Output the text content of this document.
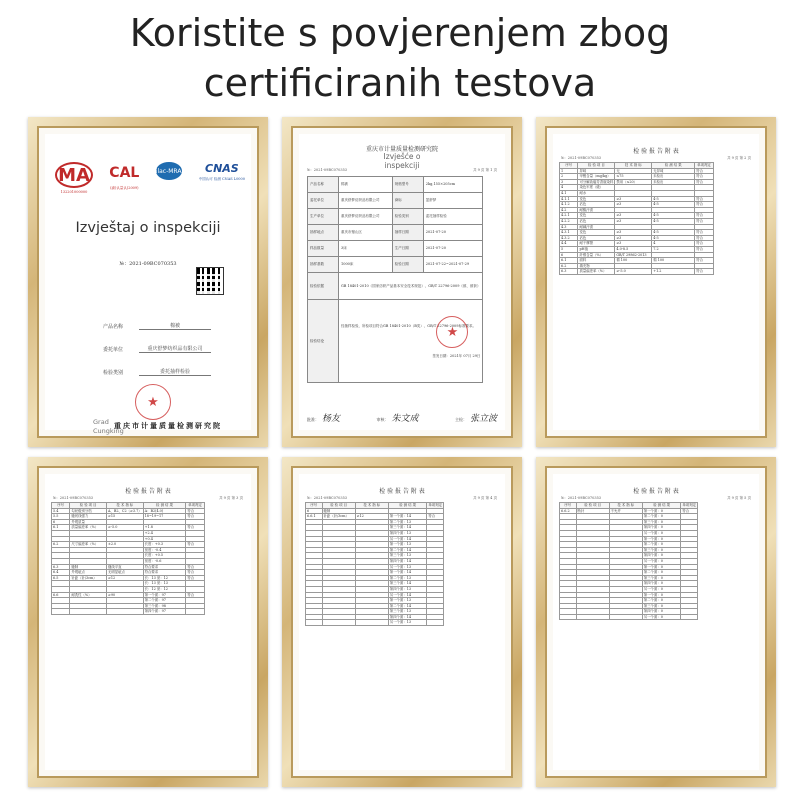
Koristite s povjerenjem zbog
certificiranih testova
MA
132201000000
CAL
(渝)认量认(2009)
ilac-MRA CNAS
中国认可 检测 CNAS L0000
Izvještaj o inspekciji
№：2021-09BC070353
产品名称	棉被
委托单位	重庆舒梦纺织品有限公司
检验类别	委托抽样检验
★
Grad
Cungking
重庆市计量质量检测研究院
重庆市计量质量检测研究院
Izvješće o
inspekciji
№：2021-09BC070353	共 9 页 第 1 页
产品名称	棉被	规格型号	2kg,155×205cm
委托单位	重庆舒梦纺织品有限公司	商标	盈舒梦
生产单位	重庆舒梦纺织品有限公司	检验类别	委托抽样检验
抽样地点	重庆市璧山区	抽样日期	2021-07-20
样品数量	3床	生产日期	2021-07-20
抽样基数	1000床	检验日期	2021-07-22~2021-07-29
检验依据	GB 18401-2010《国家纺织产品基本安全技术规范》、GB/T 22796-2009《被、被套》		
检验结论	经抽样检验，所检项目符合GB 18401-2010（B类）、GB/T 22796-2009标准要求。
签发日期：2021年 07月 29日
★		
批准： 杨友	审核： 朱文成	主检： 张立波
检 验 报 告 附 表
№：2021-09BC070353	共 9 页 第 2 页
序号	检 验 项 目	技 术 指 标	检 测 结 果	单项判定
1	异味	无	无异味	符合
2	甲醛含量（mg/kg）	≤75	未检出	符合
3	可分解致癌芳香胺染料	禁用（≤20）	未检出	符合
4	染色牢度（级）			
4.1	耐水			
4.1.1	变色	≥3	4-5	符合
4.1.2	沾色	≥3	4-5	符合
4.2	耐酸汗渍			
4.2.1	变色	≥3	4-5	符合
4.2.2	沾色	≥3	4-5	符合
4.3	耐碱汗渍			
4.3.1	变色	≥3	4-5	符合
4.3.2	沾色	≥3	4-5	符合
4.4	耐干摩擦	≥3	4	符合
5	pH值	4.0-8.5	7.2	符合
6	纤维含量（%）	GB/T 29862-2013		
6.1	面料	棉 100	棉 100	符合
6.2	填充物			
6.3	质量偏差率（%）	≥-5.0	+1.2	符合
检 验 报 告 附 表
№：2021-09BC070353	共 9 页 第 3 页
序号	检 验 项 目	技 术 指 标	检 测 结 果	单项判定
5.4	勾丝级别分档	A、B2、C2（≥3.7）	A：B2(4.0)	符合
5.5	缝纫线强力	≥15	18~19~17	符合
6	外观质量			
6.1	质量偏差率（%）	≥-5.0	+1.8	符合
			+2.4	
			+0.4	
6.2	尺寸偏差率（%）	±2.0	长度：+0.3	符合
			宽度：-0.4	
			长度：+0.5	
			宽度：-0.6	
6.3	缝制	缝线平直	符合要求	符合
6.4	外观疵点	无明显疵点	符合要求	符合
6.5	针距（针/3cm）	≥12	长：13 宽：12	符合
			长：13 宽：13	
			长：12 宽：12	
6.6	耐洗性（%）	≥90	第一个面：97	符合
			第二个面：97	
			第三个面：98	
			第四个面：97	
检 验 报 告 附 表
№：2021-09BC070353	共 9 页 第 4 页
序号	检 验 项 目	技 术 指 标	检 测 结 果	单项判定
6	缝制			
6.6.1	针距（针/3cm）	≥12	第一个面：14	符合
			第二个面：13	
			第三个面：14	
			第四个面：13	
			另一个面：14	
			第一个面：13	
			第二个面：14	
			第三个面：13	
			第四个面：14	
			另一个面：13	
			第一个面：14	
			第二个面：13	
			第三个面：14	
			第四个面：13	
			另一个面：14	
			第一个面：13	
			第二个面：14	
			第三个面：13	
			第四个面：14	
			另一个面：13	
检 验 报 告 附 表
№：2021-09BC070353	共 9 页 第 5 页
序号	检 验 项 目	技 术 指 标	检 测 结 果	单项判定
6.6.2	断针	不允许	第一个面：0	符合
			第二个面：0	
			第三个面：0	
			第四个面：0	
			另一个面：0	
			第一个面：0	
			第二个面：0	
			第三个面：0	
			第四个面：0	
			另一个面：0	
			第一个面：0	
			第二个面：0	
			第三个面：0	
			第四个面：0	
			另一个面：0	
			第一个面：0	
			第二个面：0	
			第三个面：0	
			第四个面：0	
			另一个面：0	
